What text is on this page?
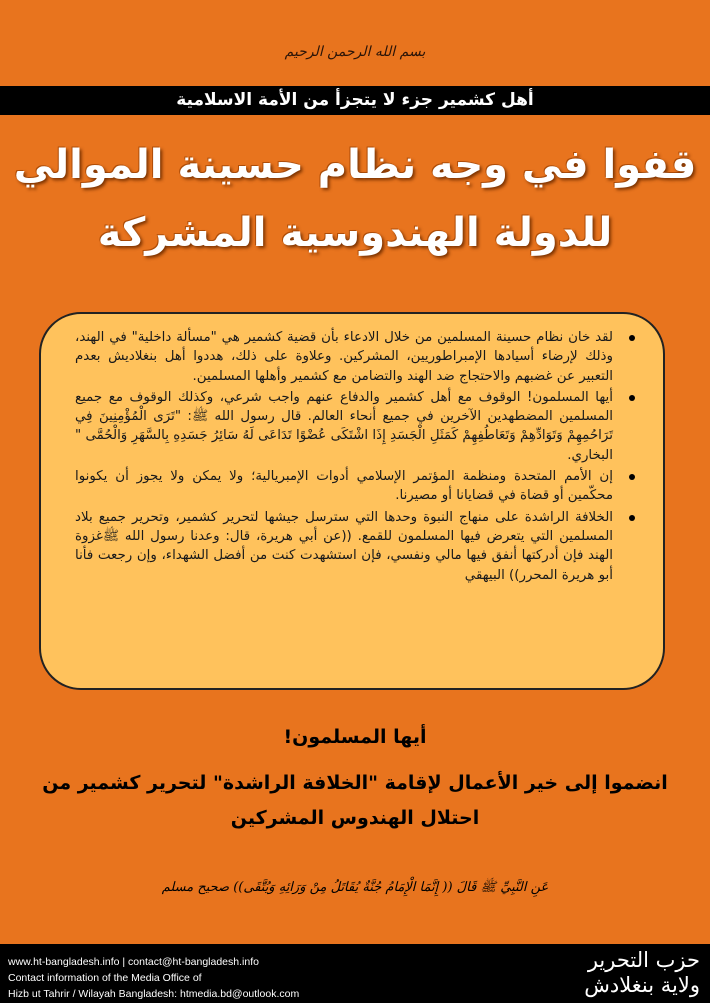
بسم الله الرحمن الرحيم
أهل كشمير جزء لا يتجزأ من الأمة الاسلامية
قفوا في وجه نظام حسينة الموالي
للدولة الهندوسية المشركة
لقد خان نظام حسينة المسلمين من خلال الادعاء بأن قضية كشمير هي "مسألة داخلية" في الهند، وذلك لإرضاء أسيادها الإمبراطوريين، المشركين. وعلاوة على ذلك، هددوا أهل بنغلاديش بعدم التعبير عن غضبهم والاحتجاج ضد الهند والتضامن مع كشمير وأهلها المسلمين.
أيها المسلمون! الوقوف مع أهل كشمير والدفاع عنهم واجب شرعي، وكذلك الوقوف مع جميع المسلمين المضطهدين الآخرين في جميع أنحاء العالم. قال رسول الله ﷺ: "تَرَى الْمُؤْمِنِينَ فِي تَرَاحُمِهِمْ وَتَوَادِّهِمْ وَتَعَاطُفِهِمْ كَمَثَلِ الْجَسَدِ إِذَا اشْتَكَى عُضْوًا تَدَاعَى لَهُ سَائِرُ جَسَدِهِ بِالسَّهَرِ وَالْحُمَّى " البخاري.
إن الأمم المتحدة ومنظمة المؤتمر الإسلامي أدوات الإمبريالية؛ ولا يمكن ولا يجوز أن يكونوا محكّمين أو قضاة في قضايانا أو مصيرنا.
الخلافة الراشدة على منهاج النبوة وحدها التي سترسل جيشها لتحرير كشمير، وتحرير جميع بلاد المسلمين التي يتعرض فيها المسلمون للقمع. ((عن أبي هريرة، قال: وعدنا رسول الله ﷺغزوة الهند فإن أدركتها أنفق فيها مالي ونفسي، فإن استشهدت كنت من أفضل الشهداء، وإن رجعت فأنا أبو هريرة المحرر)) البيهقي
أيها المسلمون!
انضموا إلى خير الأعمال لإقامة "الخلافة الراشدة" لتحرير كشمير من احتلال الهندوس المشركين
عَنِ النَّبِيِّ ﷺ قَالَ (( إِنَّمَا الْإِمَامُ جُنَّةٌ يُقَاتَلُ مِنْ وَرَائِهِ وَيُتَّقَى)) صحيح مسلم
www.ht-bangladesh.info | contact@ht-bangladesh.info
Contact information of the Media Office of
Hizb ut Tahrir / Wilayah Bangladesh: htmedia.bd@outlook.com
حزب التحرير
ولاية بنغلادش
